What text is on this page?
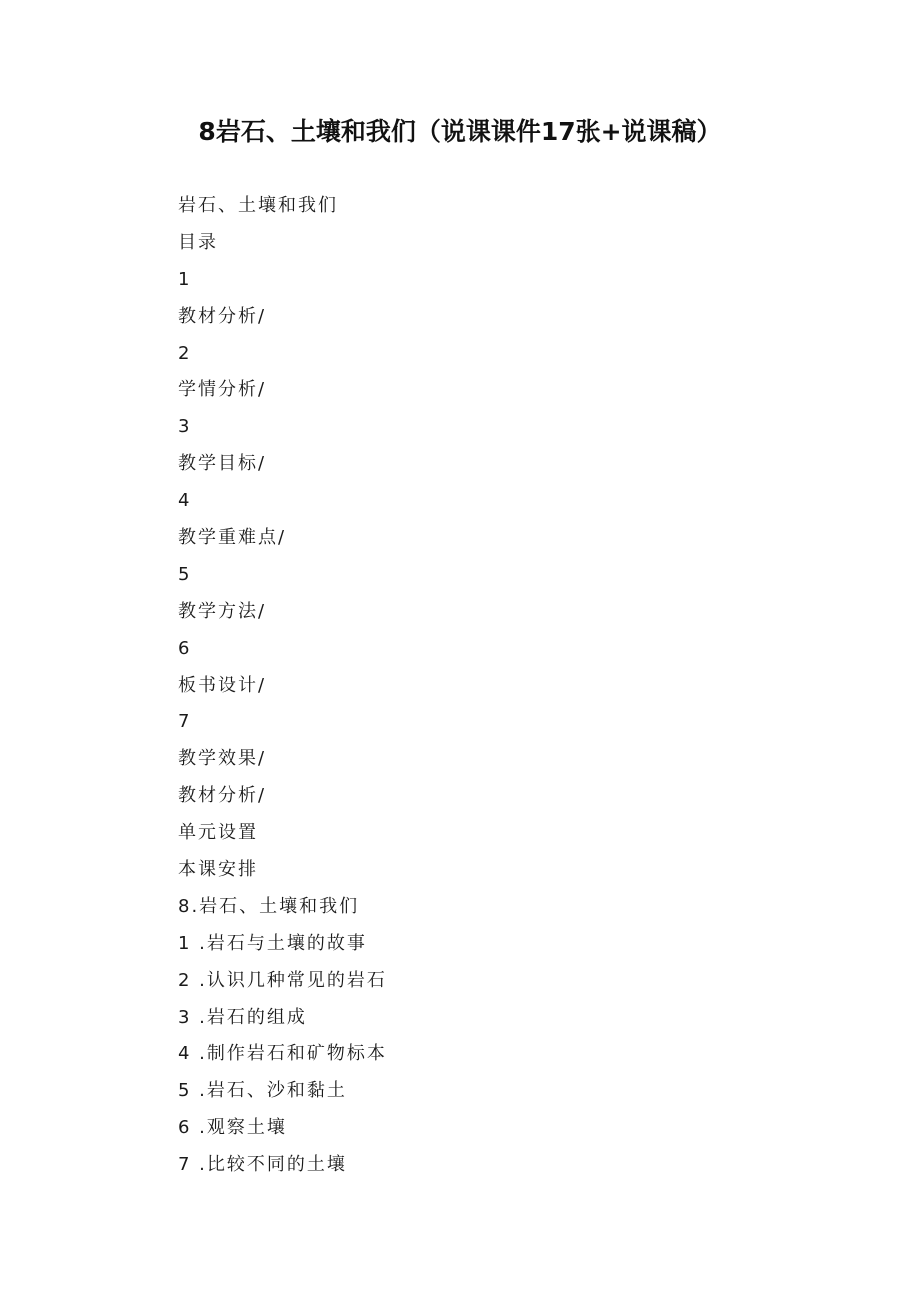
8岩石、土壤和我们（说课课件17张+说课稿）
岩石、土壤和我们
目录
1
教材分析/
2
学情分析/
3
教学目标/
4
教学重难点/
5
教学方法/
6
板书设计/
7
教学效果/
教材分析/
单元设置
本课安排
8.岩石、土壤和我们
1 .岩石与土壤的故事
2 .认识几种常见的岩石
3 .岩石的组成
4 .制作岩石和矿物标本
5 .岩石、沙和黏土
6 .观察土壤
7 .比较不同的土壤
